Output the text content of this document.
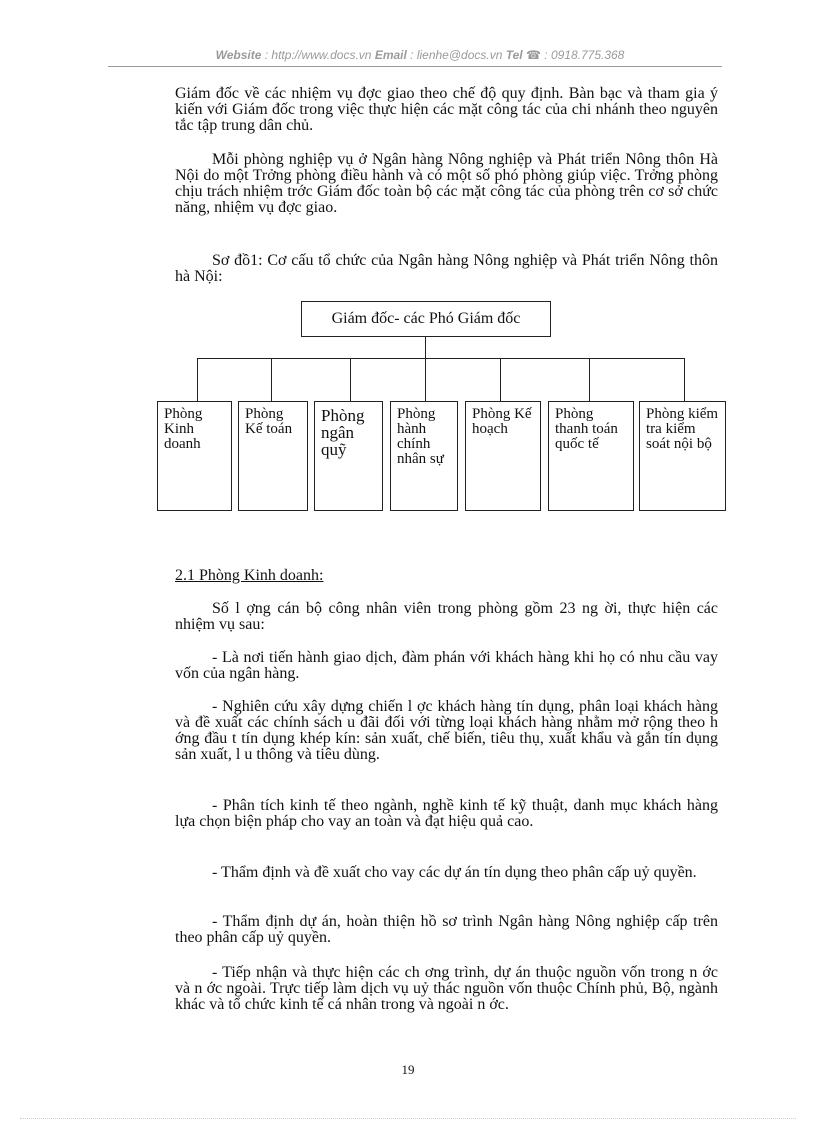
Website : http://www.docs.vn Email : lienhe@docs.vn Tel ☎ : 0918.775.368
Giám đốc về các nhiệm vụ đợc giao theo chế độ quy định. Bàn bạc và tham gia ý kiến với Giám đốc trong việc thực hiện các mặt công tác của chi nhánh theo nguyên tắc tập trung dân chủ.
Mỗi phòng nghiệp vụ ở Ngân hàng Nông nghiệp và Phát triển Nông thôn Hà Nội do một Trởng phòng điều hành và có một số phó phòng giúp việc. Trởng phòng chịu trách nhiệm trớc Giám đốc toàn bộ các mặt công tác của phòng trên cơ sở chức năng, nhiệm vụ đợc giao.
Sơ đồ1: Cơ cấu tổ chức của Ngân hàng Nông nghiệp và Phát triển Nông thôn hà Nội:
Giám đốc- các Phó Giám đốc
Phòng Kinh doanh
Phòng Kế toán
Phòng ngân quỹ
Phòng hành chính nhân sự
Phòng Kế hoạch
Phòng thanh toán quốc tế
Phòng kiểm tra kiểm soát nội bộ
2.1 Phòng Kinh doanh:
Số l ợng cán bộ công nhân viên trong phòng gồm 23 ng ời, thực hiện các nhiệm vụ sau:
- Là nơi tiến hành giao dịch, đàm phán với khách hàng khi họ có nhu cầu vay vốn của ngân hàng.
- Nghiên cứu xây dựng chiến l ợc khách hàng tín dụng, phân loại khách hàng và đề xuất các chính sách u đãi đối với từng loại khách hàng nhằm mở rộng theo h ớng đầu t tín dụng khép kín: sản xuất, chế biến, tiêu thụ, xuất khẩu và gắn tín dụng sản xuất, l u thông và tiêu dùng.
- Phân tích kinh tế theo ngành, nghề kinh tế kỹ thuật, danh mục khách hàng lựa chọn biện pháp cho vay an toàn và đạt hiệu quả cao.
- Thẩm định và đề xuất cho vay các dự án tín dụng theo phân cấp uỷ quyền.
- Thẩm định dự án, hoàn thiện hồ sơ trình Ngân hàng Nông nghiệp cấp trên theo phân cấp uỷ quyền.
- Tiếp nhận và thực hiện các ch ơng trình, dự án thuộc nguồn vốn trong n ớc và n ớc ngoài. Trực tiếp làm dịch vụ uỷ thác nguồn vốn thuộc Chính phủ, Bộ, ngành khác và tổ chức kinh tế cá nhân trong và ngoài n ớc.
19
